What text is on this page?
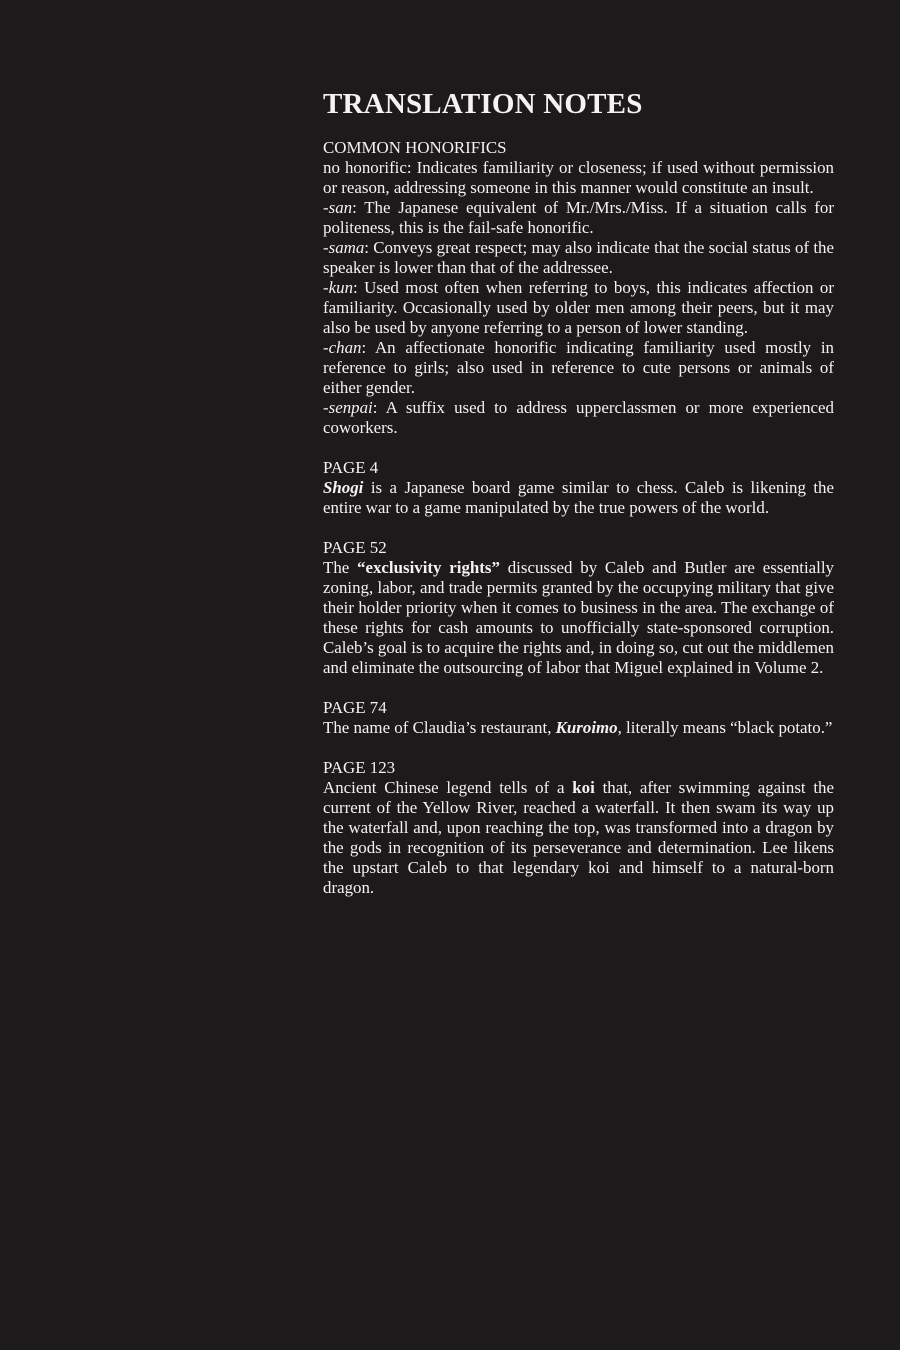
TRANSLATION NOTES
COMMON HONORIFICS

no honorific: Indicates familiarity or closeness; if used without permission or reason, addressing someone in this manner would constitute an insult.

-san: The Japanese equivalent of Mr./Mrs./Miss. If a situation calls for politeness, this is the fail-safe honorific.

-sama: Conveys great respect; may also indicate that the social status of the speaker is lower than that of the addressee.

-kun: Used most often when referring to boys, this indicates affection or familiarity. Occasionally used by older men among their peers, but it may also be used by anyone referring to a person of lower standing.

-chan: An affectionate honorific indicating familiarity used mostly in reference to girls; also used in reference to cute persons or animals of either gender.

-senpai: A suffix used to address upperclassmen or more experienced coworkers.

PAGE 4

Shogi is a Japanese board game similar to chess. Caleb is likening the entire war to a game manipulated by the true powers of the world.

PAGE 52

The “exclusivity rights” discussed by Caleb and Butler are essentially zoning, labor, and trade permits granted by the occupying military that give their holder priority when it comes to business in the area. The exchange of these rights for cash amounts to unofficially state-sponsored corruption. Caleb’s goal is to acquire the rights and, in doing so, cut out the middlemen and eliminate the outsourcing of labor that Miguel explained in Volume 2.

PAGE 74

The name of Claudia’s restaurant, Kuroimo, literally means “black potato.”

PAGE 123

Ancient Chinese legend tells of a koi that, after swimming against the current of the Yellow River, reached a waterfall. It then swam its way up the waterfall and, upon reaching the top, was transformed into a dragon by the gods in recognition of its perseverance and determination. Lee likens the upstart Caleb to that legendary koi and himself to a natural-born dragon.
